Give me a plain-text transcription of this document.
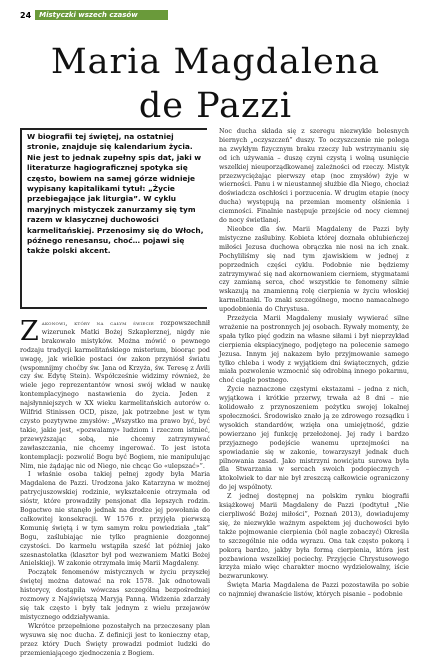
24	Mistyczki wszech czasów
Maria Magdalena
de Pazzi
W biografii tej świętej, na ostatniej stronie, znajduje się kalendarium życia. Nie jest to jednak zupełny spis dat, jaki w literaturze hagiograficznej spotyka się często, bowiem na samej górze widnieje wypisany kapitalikami tytuł: „Życie przebiegające jak liturgia”. W cyklu maryjnych mistyczek zanurzamy się tym razem w klasycznej duchowości karmelitańskiej. Przenosimy się do Włoch, późnego renesansu, choć… pojawi się także polski akcent.

Zakonowi, który na całym świecie rozpowszechnił wizerunek Matki Bożej Szkaplerznej, nigdy nie brakowało mistyków. Można mówić o pewnego rodzaju tradycji karmelitańskiego misterium, bioorąc pod uwagę, jak wielkie postaci ów zakon przyniósł światu (wspomnijmy choćby św. Jana od Krzyża, św. Teresę z Ávili czy św. Edytę Stein). Współcześnie widzimy również, że wiele jego reprezentantów wnosi swój wkład w naukę kontemplacyjnego nastawienia do życia. Jeden z najsłynniejszych w XX wieku karmelitańskich autorów o. Wilfrid Stinissen OCD, pisze, jak potrzebne jest w tym czysto pozytywne zmysłów: „Wszystko ma prawo być, być takie, jakie jest, «pozwalamy» ludziom i rzeczom istnieć, przewyższając sobą, nie chcemy zatrzymywać zawłaszczania, nie chcemy ingerować. To jest istota kontemplacji: pozwolić Bogu być Bogiem, nie manipulując Nim, nie żądając nic od Niego, nie chcąc Go «ulepszać»”.

I właśnie osoba takiej pełnej zgody była Maria Magdalena de Pazzi. Urodzona jako Katarzyna w możnej patrycjuszowskiej rodzinie, wykształcenie otrzymała od sióstr, które prowadziły pensjonat dla lepszych rodzin. Bogactwo nie stanęło jednak na drodze jej powołania do całkowitej konsekracji. W 1576 r. przyjęła pierwszą Komunię świętą i w tym samym roku powiedziała „tak” Bogu, zaślubiając nie tylko pragnienie dozgonnej czystości. Do karmelu wstąpiła sześć lat później jako szesnastolatka (klasztor był pod wezwaniem Matki Bożej Anielskiej). W zakonie otrzymała imię Marii Magdaleny.

Początek fenomenów mistycznych w życiu przyszłej świętej można datować na rok 1578. Jak odnotowali historycy, dostąpiła wówczas szczególną bezpośredniej rozmowy z Najświętszą Maryją Panną. Widzenia zdarzały się tak często i były tak jednym z wielu przejawów mistycznego oddziaływania.

Wkrótce przepełnione pozostałych na przeczesany plan wysuwa się noc ducha. Z definicji jest to konieczny etap, przez który Duch Święty prowadzi podmiot ludzki do przemieniającego zjednoczenia z Bogiem.

Noc ducha składa się z szeregu niezwykle bolesnych biernych „oczyszczeń” duszy. To oczyszczenie nie polega na zwykłym fizycznym braku rzeczy lub wstrzymaniu się od ich używania – duszę czyni czystą i wolną usunięcie wszelkiej nieuporządkowanej zależności od rzeczy. Mistyk przezwyciężając pierwszy etap (noc zmysłów) żyje w wierności. Panu i w nieustannej służbie dla Niego, chociaż doświadcza oschłości i porzucenia. W drugim etapie (nocy ducha) występują na przemian momenty olśnienia i ciemności. Finalnie następuje przejście od nocy ciemnej do nocy świetlanej.

Nieobce dla św. Marii Magdaleny de Pazzi były mistyczne zaślubiny. Kobieta której doznała oblubieńczej miłości Jezusa duchowa obrączka nie nosi na ich znak. Pochyliliśmy się nad tym zjawiskiem w jednej z poprzednich części cyklu. Podobnie nie będziemy zatrzymywać się nad akornowaniem cierniem, stygmatami czy zamianą serca, choć wszystkie te fenomeny silnie wskazują na znamienną rolę cierpienia w życiu włoskiej karmelitanki. To znaki szczególnego, mocno namacalnego upodobnienia do Chrystusa.

Przeżycia Marii Magdaleny musiały wywierać silne wrażenie na postronnych jej osobach. Rywały momenty, że spała tylko pięć godzin na własne siłami i był nieprzykład cierpienia ekspiacyjnego, podjętego na polecenie samego Jezusa. Innym jej nakazem było przyjmowanie samego tylko chleba i wody z wyjątkiem dni świątecznych, gdzie miała pozwolenie wzmocnić się odrobiną innego pokarmu, choć ciągle postnego.

Życie naznaczone częstymi ekstazami – jedna z nich, wyjątkowa i krótkie przerwy, trwała aż 8 dni – nie kolidowało z przynoszeniem pożytku swojej lokalnej społeczności. Środowisko znało ją ze zdrowego rozsądku i wysokich standardów, wzięła ona umiejętność, gdzie powierzano jej funkcję przełożonej. Jej rady i bardzo przyjaznego podejście wanemu uprzejmości na spowiadanie się w zakonie, towarzyszył jednak duch pilnowania zasad. Jako mistrzyni nowicjatu surowa była dla Stwarzania w sercach swoich podopiecznych – ktokolwiek to dar nie był zreszczą całkowicie ograniczony do jej wspólnoty.

Z jednej dostępnej na polskim rynku biografii książkowej Marii Magdaleny de Pazzi (podtytuł „Nie cierpliwość Bożej miłości”, Poznań 2013), dowiadujemy się, że niezwykle ważnym aspektem jej duchowości było także pojmowanie cierpienia (ból nagle zobaczyć) Określa to szczególnie nie odda wyrazu. Ona tak często pokorą i pokorą bardzo, jakby była formą cierpienia, która jest pozbawiona wszelkiej pociechy. Przyjęcie Chrystusowego krzyża miało więc charakter mocno wydzielowalny, iście bezwarunkowy.

Święta Maria Magdalena de Pazzi pozostawiła po sobie co najmniej dwanaście listów, których pisanie – podobnie
